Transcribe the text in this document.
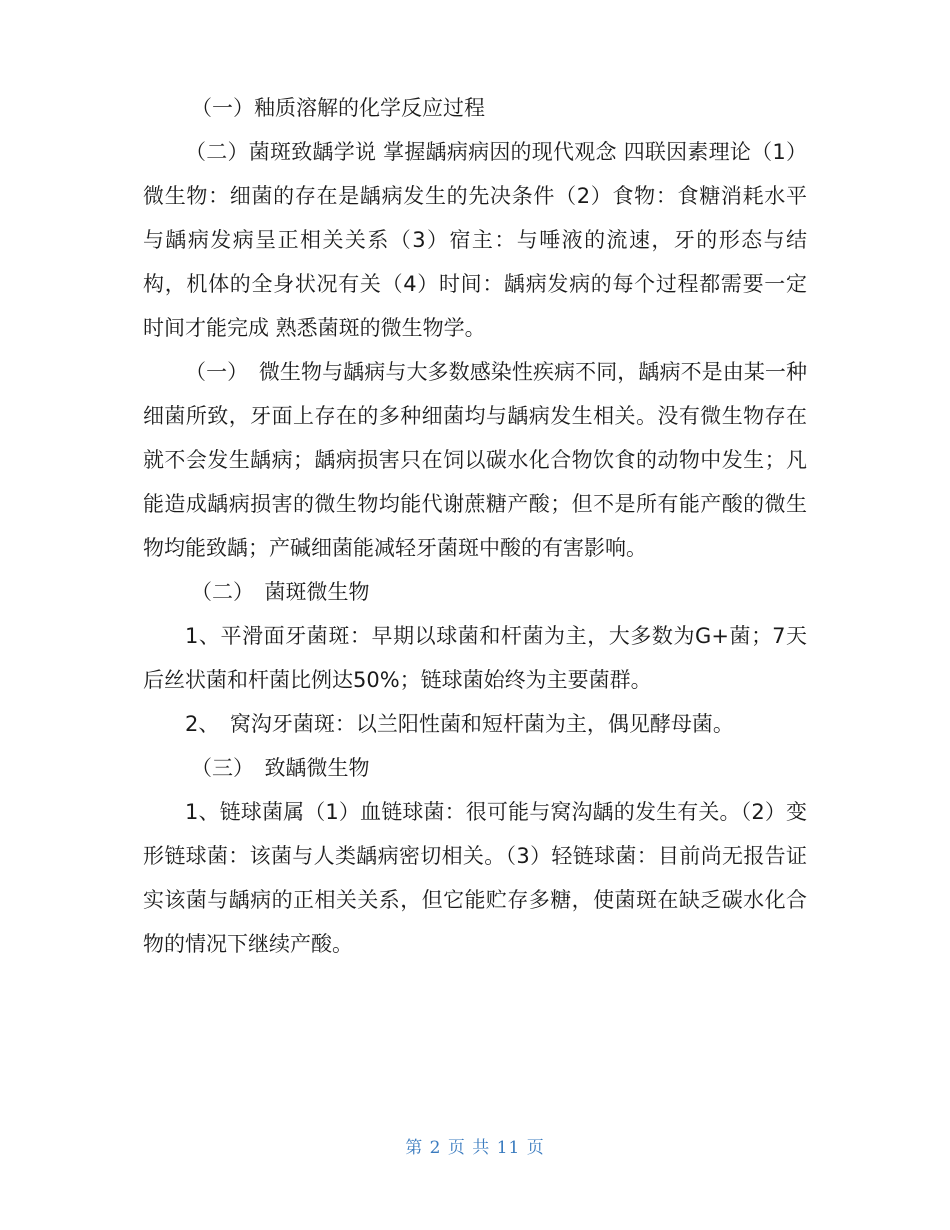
（一）釉质溶解的化学反应过程

（二）菌斑致龋学说 掌握龋病病因的现代观念 四联因素理论（1）微生物：细菌的存在是龋病发生的先决条件（2）食物：食糖消耗水平与龋病发病呈正相关关系（3）宿主：与唾液的流速，牙的形态与结构，机体的全身状况有关（4）时间：龋病发病的每个过程都需要一定时间才能完成 熟悉菌斑的微生物学。

（一）　微生物与龋病与大多数感染性疾病不同，龋病不是由某一种细菌所致，牙面上存在的多种细菌均与龋病发生相关。没有微生物存在就不会发生龋病；龋病损害只在饲以碳水化合物饮食的动物中发生；凡能造成龋病损害的微生物均能代谢蔗糖产酸；但不是所有能产酸的微生物均能致龋；产碱细菌能减轻牙菌斑中酸的有害影响。

（二）　菌斑微生物

1、平滑面牙菌斑：早期以球菌和杆菌为主，大多数为G+菌；7天后丝状菌和杆菌比例达50%；链球菌始终为主要菌群。

2、　窝沟牙菌斑：以兰阳性菌和短杆菌为主，偶见酵母菌。

（三）　致龋微生物

1、链球菌属（1）血链球菌：很可能与窝沟龋的发生有关。（2）变形链球菌：该菌与人类龋病密切相关。（3）轻链球菌：目前尚无报告证实该菌与龋病的正相关关系，但它能贮存多糖，使菌斑在缺乏碳水化合物的情况下继续产酸。

第 2 页 共 11 页
